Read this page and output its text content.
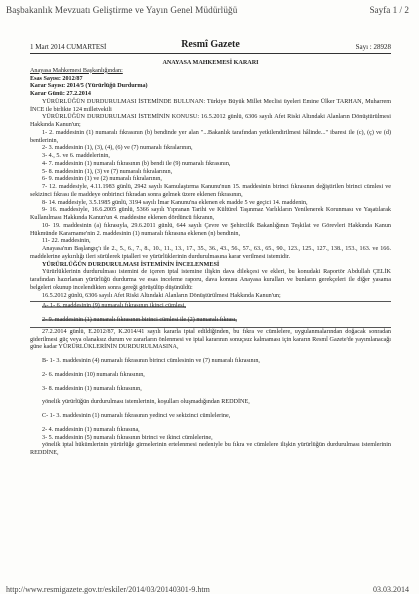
Başbakanlık Mevzuatı Geliştirme ve Yayın Genel Müdürlüğü	Sayfa 1 / 2
1 Mart 2014 CUMARTESİ	Resmî Gazete	Sayı : 28928

ANAYASA MAHKEMESİ KARARI

Anayasa Mahkemesi Başkanlığından:

Esas Sayısı: 2012/87

Karar Sayısı: 2014/5 (Yürürlüğü Durdurma)

Karar Günü: 27.2.2014

YÜRÜRLÜĞÜN DURDURULMASI İSTEMİNDE BULUNAN: Türkiye Büyük Millet Meclisi üyeleri Emine Ülker TARHAN, Muharrem İNCE ile birlikte 124 milletvekili

YÜRÜRLÜĞÜN DURDURULMASI İSTEMİNİN KONUSU: 16.5.2012 günlü, 6306 sayılı Afet Riski Altındaki Alanların Dönüştürülmesi Hakkında Kanun'un;

1- 2. maddesinin (1) numaralı fıkrasının (b) bendinde yer alan "...Bakanlık tarafından yetkilendirilmesi hâlinde..." ibaresi ile (c), (ç) ve (d) bentlerinin,

2- 3. maddesinin (1), (3), (4), (6) ve (7) numaralı fıkralarının,

3- 4., 5. ve 6. maddelerinin,

4- 7. maddesinin (1) numaralı fıkrasının (b) bendi ile (9) numaralı fıkrasının,

5- 8. maddesinin (1), (3) ve (7) numaralı fıkralarının,

6- 9. maddesinin (1) ve (2) numaralı fıkralarının,

7- 12. maddesiyle, 4.11.1983 günlü, 2942 sayılı Kamulaştırma Kanunu'nun 15. maddesinin birinci fıkrasının değiştirilen birinci cümlesi ve sekizinci fıkrası ile maddeye onbirinci fıkradan sonra gelmek üzere eklenen fıkrasının,

8- 14. maddesiyle, 3.5.1985 günlü, 3194 sayılı İmar Kanunu'na eklenen ek madde 5 ve geçici 14. maddenin,

9- 16. maddesiyle, 16.6.2005 günlü, 5366 sayılı Yıpranan Tarihi ve Kültürel Taşınmaz Varlıkların Yenilenerek Korunması ve Yaşatılarak Kullanılması Hakkında Kanun'un 4. maddesine eklenen dördüncü fıkranın,

10- 19. maddesinin (a) fıkrasıyla, 29.6.2011 günlü, 644 sayılı Çevre ve Şehircilik Bakanlığının Teşkilat ve Görevleri Hakkında Kanun Hükmünde Kararname'nin 2. maddesinin (1) numaralı fıkrasına eklenen (n) bendinin,

11- 22. maddesinin,

Anayasa'nın Başlangıç'ı ile 2., 5., 6., 7., 8., 10., 11., 13., 17., 35., 36., 43., 56., 57., 63., 65., 90., 123., 125., 127., 138., 153., 163. ve 166. maddelerine aykırılığı ileri sürülerek iptalleri ve yürürlüklerinin durdurulmasına karar verilmesi istemidir.

YÜRÜRLÜĞÜN DURDURULMASI İSTEMİNİN İNCELENMESİ

Yürürlüklerinin durdurulması istemini de içeren iptal istemine ilişkin dava dilekçesi ve ekleri, bu konudaki Raportör Abdullah ÇELİK tarafından hazırlanan yürürlüğü durdurma ve esas inceleme raporu, dava konusu Anayasa kuralları ve bunların gerekçeleri ile diğer yasama belgeleri okunup incelendikten sonra gereği görüşülüp düşünüldü:

16.5.2012 günlü, 6306 sayılı Afet Riski Altındaki Alanların Dönüştürülmesi Hakkında Kanun'un;

A- 1- 6. maddesinin (9) numaralı fıkrasının ikinci cümlesi,

2- 9. maddesinin (1) numaralı fıkrasının birinci cümlesi ile (2) numaralı fıkrası,

27.2.2014 günlü, E.2012/87, K.2014/41 sayılı kararla iptal edildiğinden, bu fıkra ve cümlelere, uygulanmalarından doğacak sonradan giderilmesi güç veya olanaksız durum ve zararların önlenmesi ve iptal kararının sonuçsuz kalmaması için kararın Resmî Gazete'de yayımlanacağı güne kadar YÜRÜRLÜKLERİNİN DURDURULMASINA,

B- 1- 3. maddesinin (4) numaralı fıkrasının birinci cümlesinin ve (7) numaralı fıkrasının,

2- 6. maddesinin (10) numaralı fıkrasının,

3- 8. maddesinin (1) numaralı fıkrasının,

yönelik yürürlüğün durdurulması istemlerinin, koşulları oluşmadığından REDDİNE,

C- 1- 3. maddesinin (1) numaralı fıkrasının yedinci ve sekizinci cümlelerine,

2- 4. maddesinin (1) numaralı fıkrasına,

3- 5. maddesinin (5) numaralı fıkrasının birinci ve ikinci cümlelerine,

yönelik iptal hükümlerinin yürürlüğe girmelerinin ertelenmesi nedeniyle bu fıkra ve cümlelere ilişkin yürürlüğün durdurulması istemlerinin REDDİNE,

http://www.resmigazete.gov.tr/eskiler/2014/03/20140301-9.htm	03.03.2014
